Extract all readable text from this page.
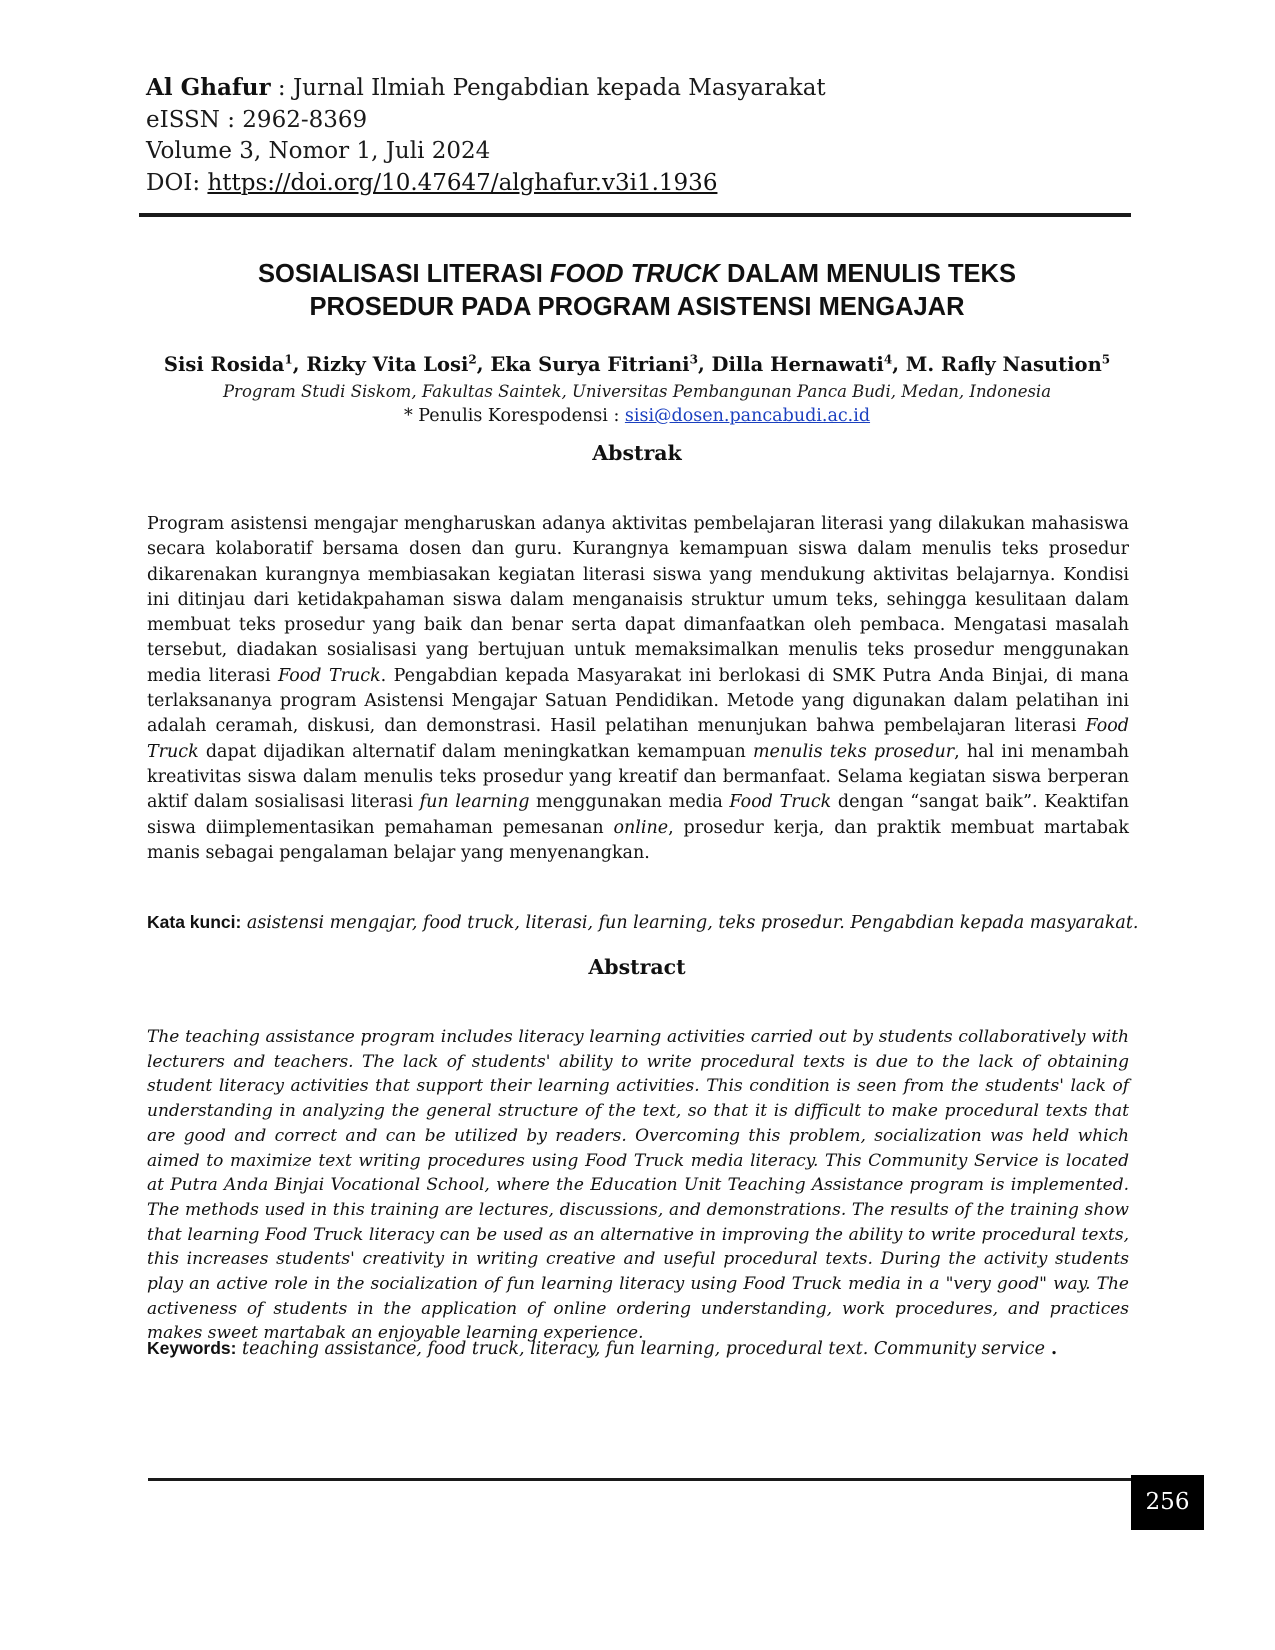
Al Ghafur : Jurnal Ilmiah Pengabdian kepada Masyarakat
eISSN : 2962-8369
Volume 3, Nomor 1, Juli 2024
DOI: https://doi.org/10.47647/alghafur.v3i1.1936
SOSIALISASI LITERASI FOOD TRUCK DALAM MENULIS TEKS
PROSEDUR PADA PROGRAM ASISTENSI MENGAJAR
Sisi Rosida$^1$, Rizky Vita Losi$^2$, Eka Surya Fitriani$^3$, Dilla Hernawati$^4$, M. Rafly Nasution$^5$
Program Studi Siskom, Fakultas Saintek, Universitas Pembangunan Panca Budi, Medan, Indonesia
* Penulis Korespodensi : sisi@dosen.pancabudi.ac.id
Abstrak
Program asistensi mengajar mengharuskan adanya aktivitas pembelajaran literasi yang dilakukan mahasiswa secara kolaboratif bersama dosen dan guru. Kurangnya kemampuan siswa dalam menulis teks prosedur dikarenakan kurangnya membiasakan kegiatan literasi siswa yang mendukung aktivitas belajarnya. Kondisi ini ditinjau dari ketidakpahaman siswa dalam menganaisis struktur umum teks, sehingga kesulitaan dalam membuat teks prosedur yang baik dan benar serta dapat dimanfaatkan oleh pembaca. Mengatasi masalah tersebut, diadakan sosialisasi yang bertujuan untuk memaksimalkan menulis teks prosedur menggunakan media literasi Food Truck. Pengabdian kepada Masyarakat ini berlokasi di SMK Putra Anda Binjai, di mana terlaksananya program Asistensi Mengajar Satuan Pendidikan. Metode yang digunakan dalam pelatihan ini adalah ceramah, diskusi, dan demonstrasi. Hasil pelatihan menunjukan bahwa pembelajaran literasi Food Truck dapat dijadikan alternatif dalam meningkatkan kemampuan menulis teks prosedur, hal ini menambah kreativitas siswa dalam menulis teks prosedur yang kreatif dan bermanfaat. Selama kegiatan siswa berperan aktif dalam sosialisasi literasi fun learning menggunakan media Food Truck dengan “sangat baik”. Keaktifan siswa diimplementasikan pemahaman pemesanan online, prosedur kerja, dan praktik membuat martabak manis sebagai pengalaman belajar yang menyenangkan.
Kata kunci: asistensi mengajar, food truck, literasi, fun learning, teks prosedur. Pengabdian kepada masyarakat.
Abstract
The teaching assistance program includes literacy learning activities carried out by students collaboratively with lecturers and teachers. The lack of students' ability to write procedural texts is due to the lack of obtaining student literacy activities that support their learning activities. This condition is seen from the students' lack of understanding in analyzing the general structure of the text, so that it is difficult to make procedural texts that are good and correct and can be utilized by readers. Overcoming this problem, socialization was held which aimed to maximize text writing procedures using Food Truck media literacy. This Community Service is located at Putra Anda Binjai Vocational School, where the Education Unit Teaching Assistance program is implemented. The methods used in this training are lectures, discussions, and demonstrations. The results of the training show that learning Food Truck literacy can be used as an alternative in improving the ability to write procedural texts, this increases students' creativity in writing creative and useful procedural texts. During the activity students play an active role in the socialization of fun learning literacy using Food Truck media in a "very good" way. The activeness of students in the application of online ordering understanding, work procedures, and practices makes sweet martabak an enjoyable learning experience.
Keywords: teaching assistance, food truck, literacy, fun learning, procedural text. Community service .
256
